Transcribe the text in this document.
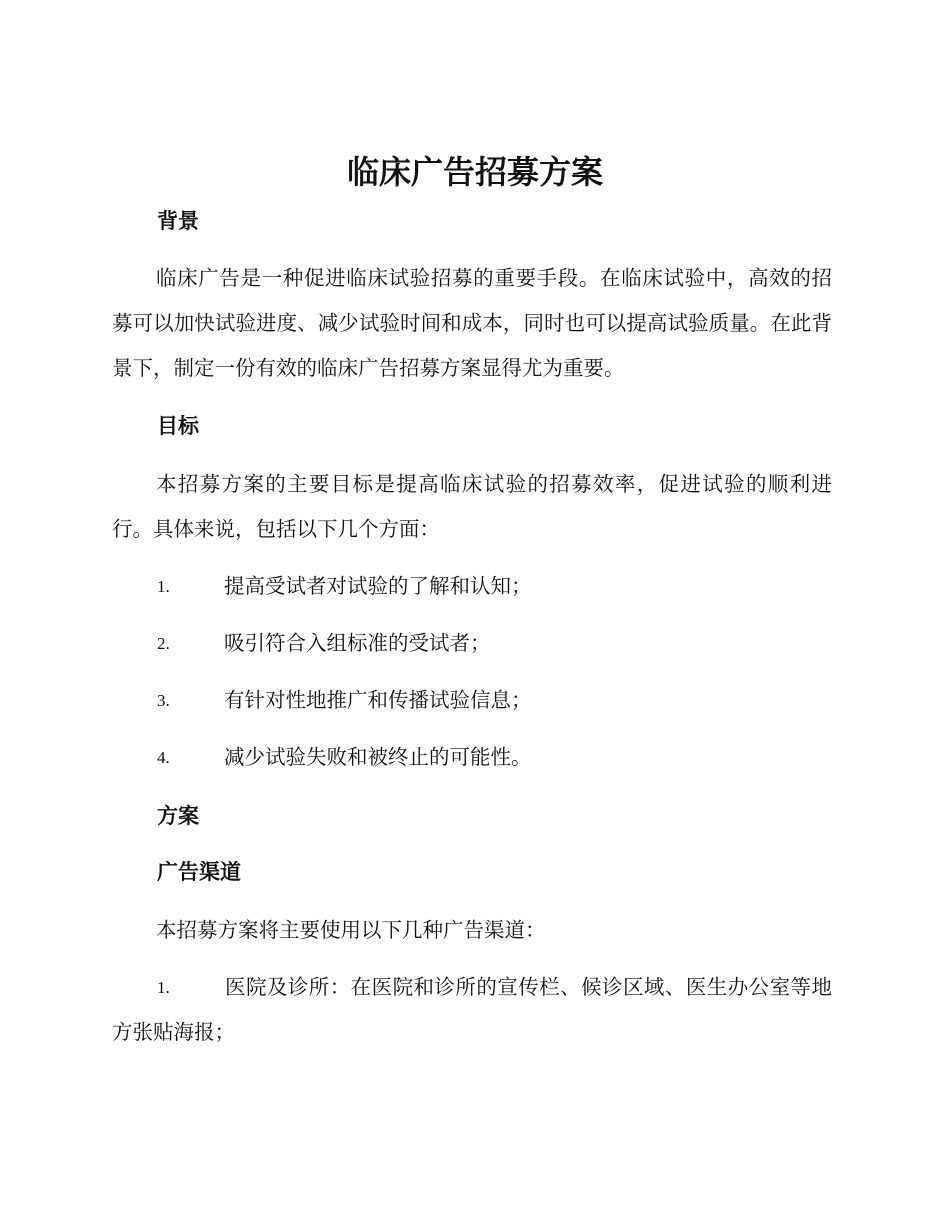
临床广告招募方案
背景
临床广告是一种促进临床试验招募的重要手段。在临床试验中，高效的招募可以加快试验进度、减少试验时间和成本，同时也可以提高试验质量。在此背景下，制定一份有效的临床广告招募方案显得尤为重要。
目标
本招募方案的主要目标是提高临床试验的招募效率，促进试验的顺利进行。具体来说，包括以下几个方面：
1.	提高受试者对试验的了解和认知；
2.	吸引符合入组标准的受试者；
3.	有针对性地推广和传播试验信息；
4.	减少试验失败和被终止的可能性。
方案
广告渠道
本招募方案将主要使用以下几种广告渠道：
1.	医院及诊所：在医院和诊所的宣传栏、候诊区域、医生办公室等地方张贴海报；
